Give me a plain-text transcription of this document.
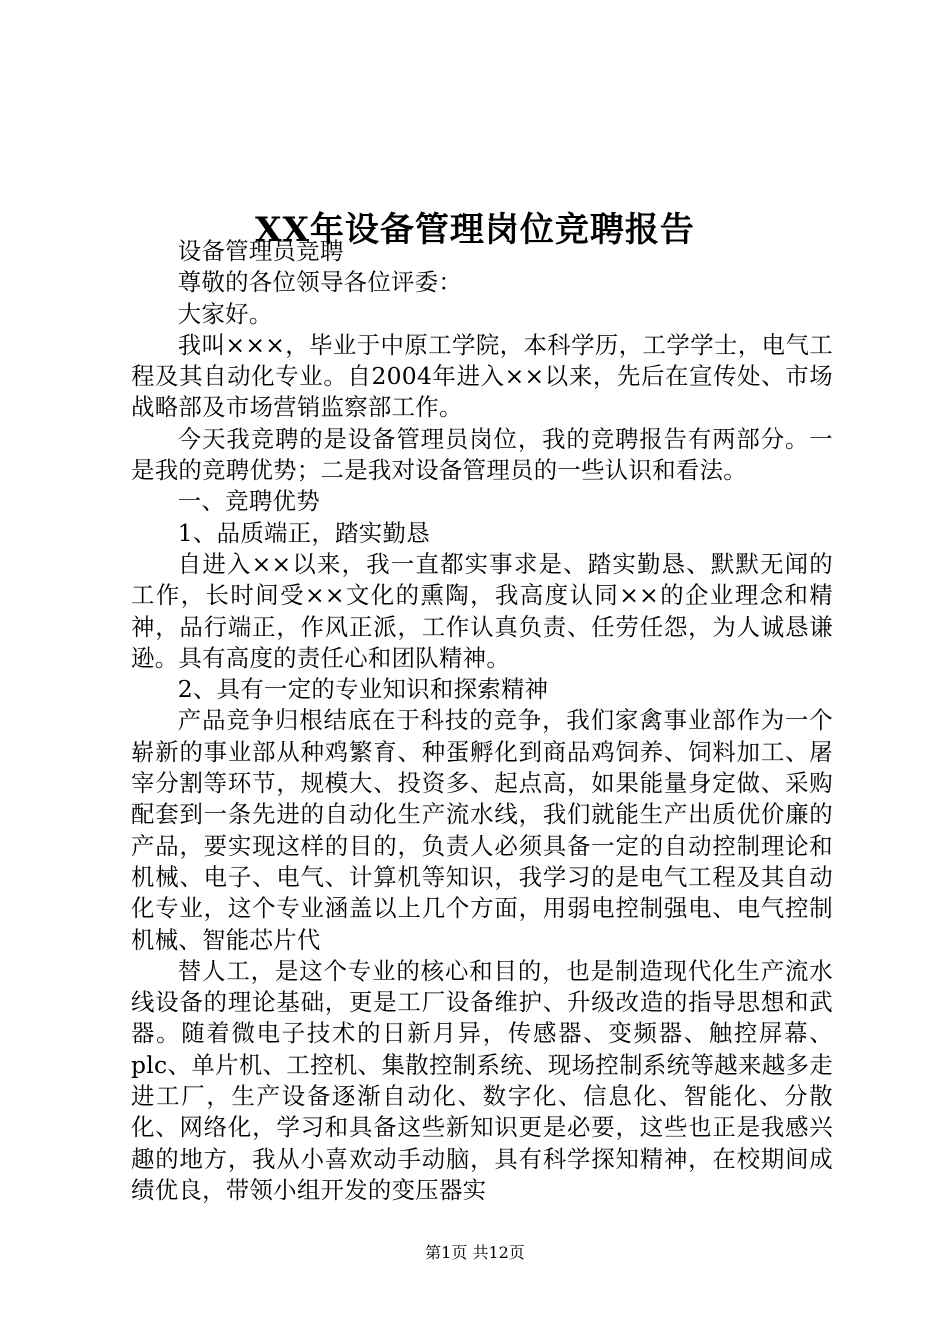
XX年设备管理岗位竞聘报告

设备管理员竞聘

尊敬的各位领导各位评委：

大家好。

我叫×××，毕业于中原工学院，本科学历，工学学士，电气工程及其自动化专业。自2004年进入××以来，先后在宣传处、市场战略部及市场营销监察部工作。

今天我竞聘的是设备管理员岗位，我的竞聘报告有两部分。一是我的竞聘优势；二是我对设备管理员的一些认识和看法。

一、竞聘优势

1、品质端正，踏实勤恳

自进入××以来，我一直都实事求是、踏实勤恳、默默无闻的工作，长时间受××文化的熏陶，我高度认同××的企业理念和精神，品行端正，作风正派，工作认真负责、任劳任怨，为人诚恳谦逊。具有高度的责任心和团队精神。

2、具有一定的专业知识和探索精神

产品竞争归根结底在于科技的竞争，我们家禽事业部作为一个崭新的事业部从种鸡繁育、种蛋孵化到商品鸡饲养、饲料加工、屠宰分割等环节，规模大、投资多、起点高，如果能量身定做、采购配套到一条先进的自动化生产流水线，我们就能生产出质优价廉的产品，要实现这样的目的，负责人必须具备一定的自动控制理论和机械、电子、电气、计算机等知识，我学习的是电气工程及其自动化专业，这个专业涵盖以上几个方面，用弱电控制强电、电气控制机械、智能芯片代

替人工，是这个专业的核心和目的，也是制造现代化生产流水线设备的理论基础，更是工厂设备维护、升级改造的指导思想和武器。随着微电子技术的日新月异，传感器、变频器、触控屏幕、plc、单片机、工控机、集散控制系统、现场控制系统等越来越多走进工厂，生产设备逐渐自动化、数字化、信息化、智能化、分散化、网络化，学习和具备这些新知识更是必要，这些也正是我感兴趣的地方，我从小喜欢动手动脑，具有科学探知精神，在校期间成绩优良，带领小组开发的变压器实

第1页 共12页
